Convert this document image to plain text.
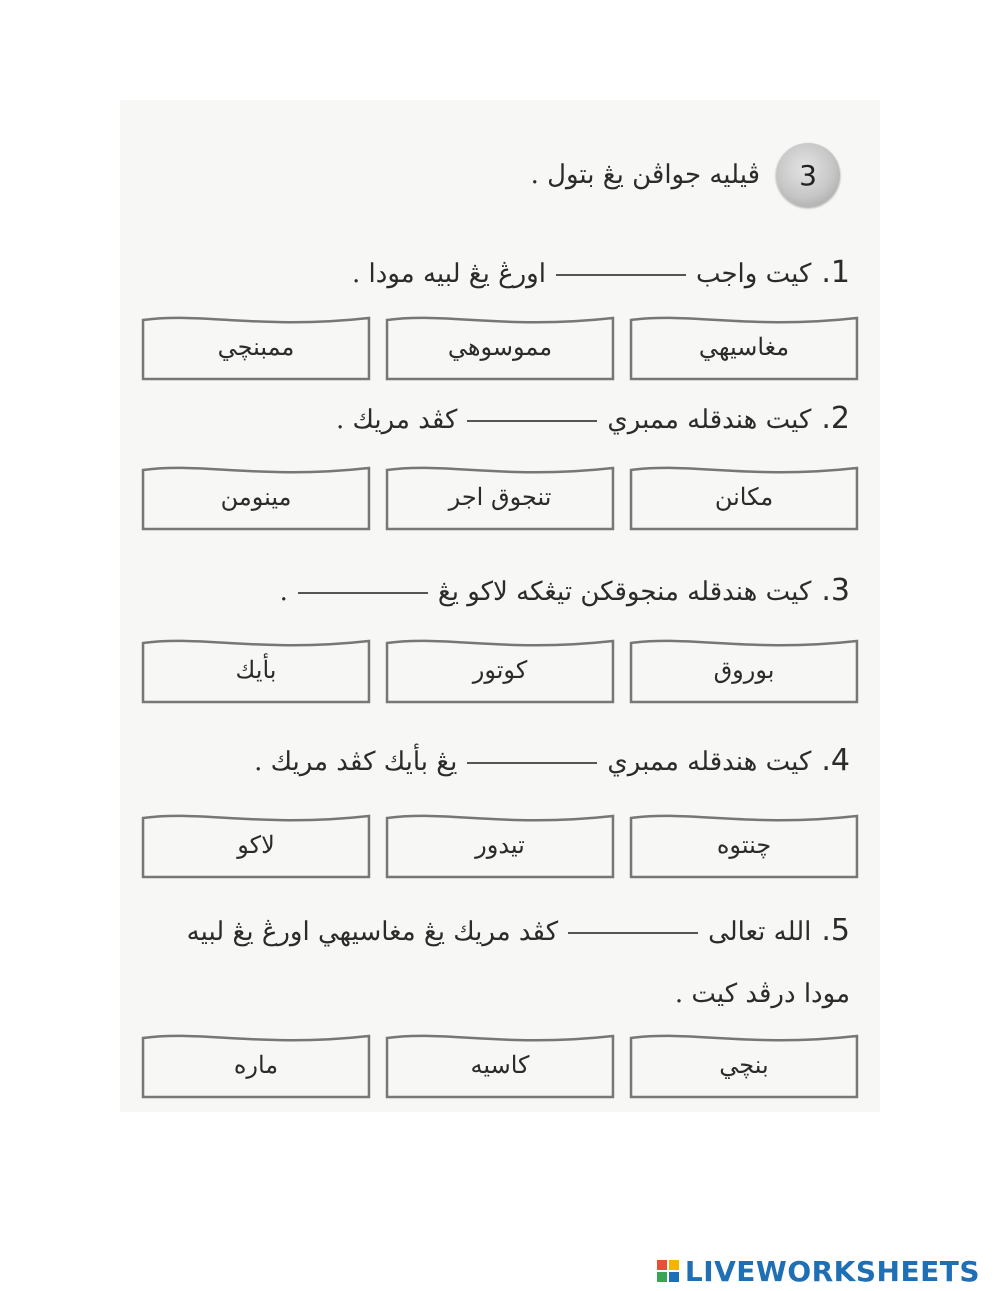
3
ڤيليه جواڤن يڠ بتول .
1.كيت واجباورڠ يڠ لبيه مودا .
مغاسيهي
مموسوهي
ممبنچي
2.كيت هندقله ممبريكڤد مريك .
مكانن
تنجوق اجر
مينومن
3.كيت هندقله منجوقكن تيڠكه لاكو يڠ.
بوروق
كوتور
بأيك
4.كيت هندقله ممبرييڠ بأيك كڤد مريك .
چنتوه
تيدور
لاكو
5.الله تعالىكڤد مريك يڠ مغاسيهي اورڠ يڠ لبيه مودا درڤد كيت .
بنچي
كاسيه
ماره
LIVEWORKSHEETS
